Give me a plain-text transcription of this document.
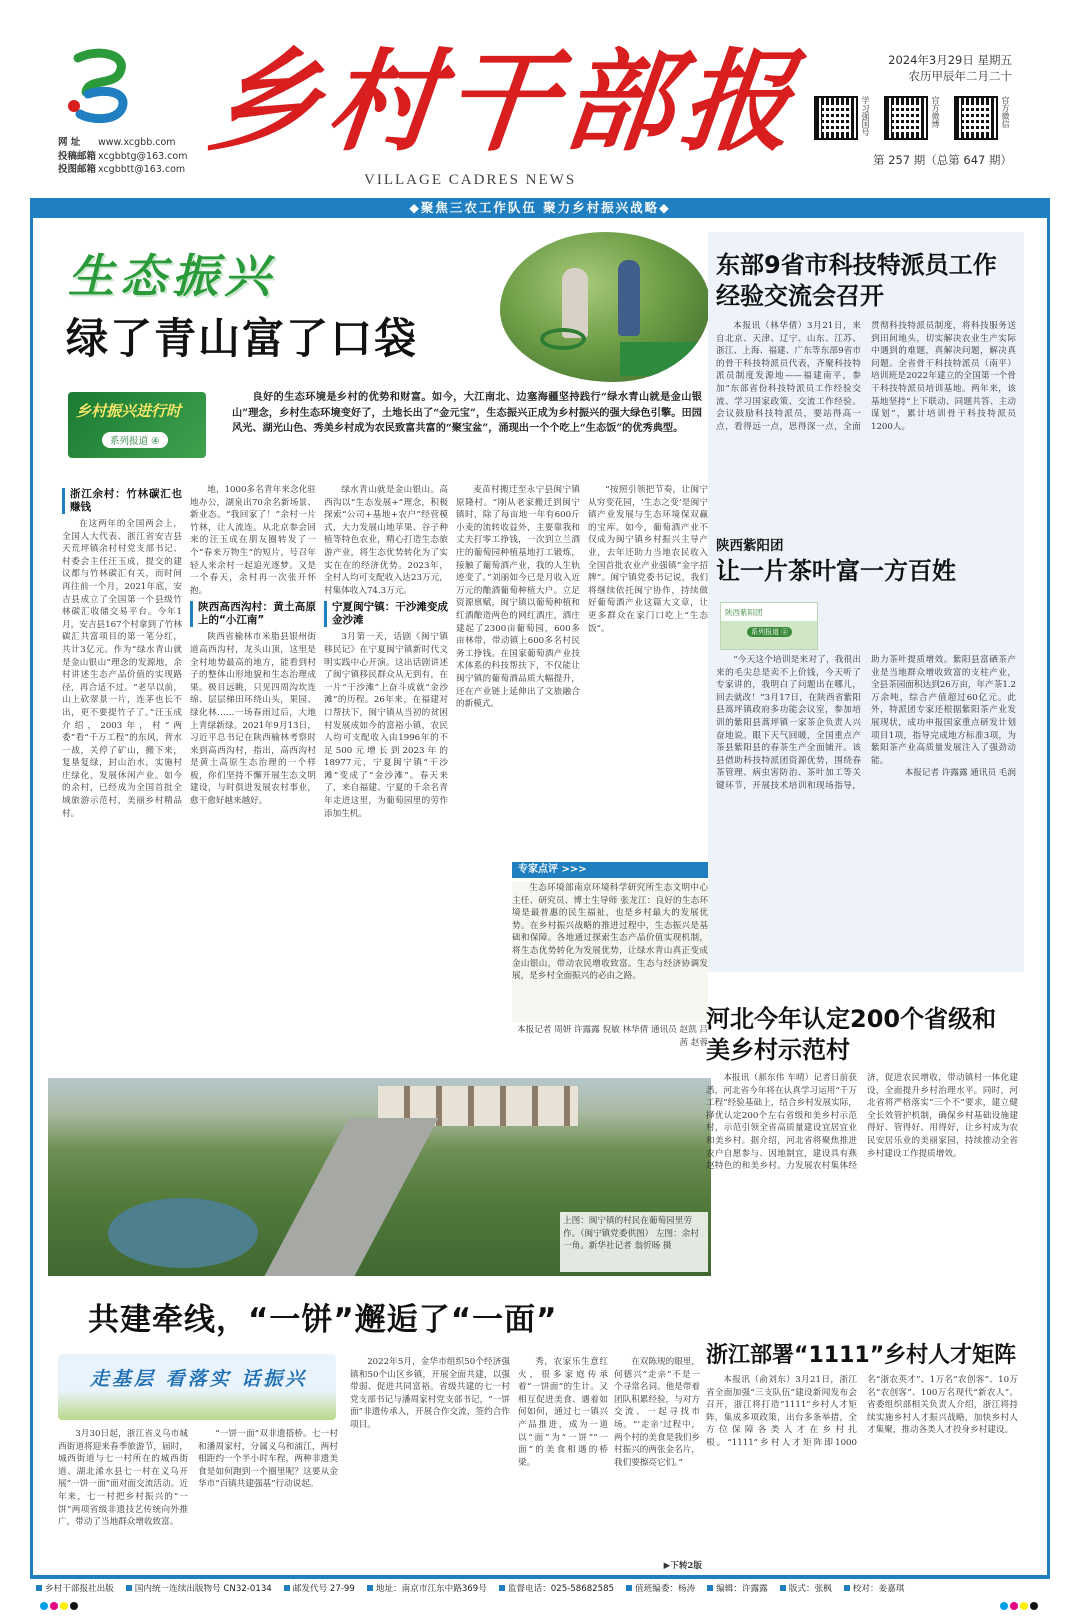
网 址 www.xcgbb.com
投稿邮箱 xcgbbtg@163.com
投图邮箱 xcgbbtt@163.com
乡村干部报
VILLAGE CADRES NEWS
2024年3月29日 星期五
农历甲辰年二月二十
学习强国号	官方微博	官方微信
第 257 期（总第 647 期）
◆聚焦三农工作队伍 聚力乡村振兴战略◆
生态振兴
绿了青山富了口袋
乡村振兴进行时
系列报道 ④

良好的生态环境是乡村的优势和财富。如今，大江南北、边塞海疆坚持践行“绿水青山就是金山银山”理念，乡村生态环境变好了，土地长出了“金元宝”，生态振兴正成为乡村振兴的强大绿色引擎。田园风光、湖光山色、秀美乡村成为农民致富共富的“聚宝盆”，涌现出一个个吃上“生态饭”的优秀典型。

浙江余村：竹林碳汇也赚钱

在这两年的全国两会上，全国人大代表、浙江省安吉县天荒坪镇余村村党支部书记、村委会主任汪玉成，提交的建议都与竹林碳汇有关，而时间再往前一个月，2021年底，安吉县成立了全国第一个县级竹林碳汇收储交易平台。今年1月，安吉县167个村拿到了竹林碳汇共富项目的第一笔分红，共计3亿元。作为“绿水青山就是金山银山”理念的发源地，余村讲述生态产品价值的实现路径，再合适不过。“老早以前，山上砍翠景一片，连茅也长不出，更不要提竹子了。”汪玉成介绍，2003年，村“两委”看“千万工程”的东风，背水一战，关停了矿山，搬下来，复垦复绿，封山治水，实施村庄绿化，发展休闲产业。如今的余村，已经成为全国首批全域旅游示范村，美丽乡村精品村。

地，1000多名青年来念化驻地办公，湖泉出70余名新场景、新业态。“我回家了！”余村一片竹林，让人流连。从北京参会回来的汪玉成在朋友圈转发了一个“春来万物生”的短片，号召年轻人来余村一起追光逐梦。又是一个春天，余村再一次张开怀抱。

陕西高西沟村：黄土高原上的“小江南”

陕西省榆林市米脂县银州街道高西沟村，龙头山顶，这里是全村地势最高的地方，能看到村子的整体山形地貌和生态治理成果。极目远眺，只见四周沟坎连绵、层层梯田环绕山头，果园、绿化林……一场春雨过后，大地上青绿新绿。2021年9月13日，习近平总书记在陕西榆林考察时来到高西沟村，指出，高西沟村是黄土高原生态治理的一个样板，你们坚持不懈开展生态文明建设，与时俱进发展农村事业，愈干愈好越来越好。

绿水青山就是金山银山。高西沟以“生态发展+”理念，积极探索“公司+基地+农户”经营模式，大力发展山地苹果、谷子种植等特色农业，精心打造生态旅游产业，将生态优势转化为了实实在在的经济优势。2023年，全村人均可支配收入达23万元，村集体收入74.3万元。

宁夏闽宁镇：干沙滩变成金沙滩

3月第一天，话剧《闽宁镇移民记》在宁夏闽宁镇新时代文明实践中心开演。这出话剧讲述了闽宁镇移民群众从无到有，在一片“干沙滩”上奋斗成就“金沙滩”的历程。26年来，在福建对口帮扶下，闽宁镇从当初的贫困村发展成如今的富裕小镇，农民人均可支配收入由1996年的不足500元增长到2023年的18977元，宁夏闽宁镇“干沙滩”变成了“金沙滩”。春天来了，来自福建、宁夏的千余名青年走进这里，为葡萄园里的劳作添加生机。

麦苗村搬迁至永宁县闽宁镇原隆村。“刚从老家搬迁到闽宁镇时，除了每亩地一年有600斤小麦的流转收益外，主要靠我和丈夫打零工挣钱，一次到立兰酒庄的葡萄园种植基地打工锻炼，接触了葡萄酒产业，我的人生轨迹变了。”刘丽如今已是月收入近万元的酿酒葡萄种植大户。立足资源禀赋，闽宁镇以葡萄种植和红酒酿造两色的网红酒庄，酒庄建起了2300亩葡萄园，600多亩林带，带动镇上600多名村民务工挣钱。在国家葡萄酒产业技术体系的科技帮扶下，不仅能让闽宁镇的葡萄酒品质大幅提升，还在产业链上延伸出了文旅融合的新模式。

“按照引领把节奏，让闽宁从穷变花园，‘生态之变’是闽宁镇产业发展与生态环境保双赢的宝库。如今，葡萄酒产业不仅成为闽宁镇乡村振兴主导产业，去年还助力当地农民收入全国首批农业产业强镇“金字招牌”。闽宁镇党委书记说，我们将继续依托闽宁协作，持续做好葡萄酒产业这篇大文章，让更多群众在家门口吃上“生态饭”。

专家点评 >>>

生态环境部南京环境科学研究所生态文明中心主任、研究员、博士生导师 张龙江：良好的生态环境是最普惠的民生福祉，也是乡村最大的发展优势。在乡村振兴战略的推进过程中，生态振兴是基础和保障。各地通过探索生态产品价值实现机制，将生态优势转化为发展优势，让绿水青山真正变成金山银山，带动农民增收致富。生态与经济协调发展，是乡村全面振兴的必由之路。

本报记者 周妍 许露露 倪敏 林华倩 通讯员 赵凯 吕茜 赵蓉
上图：闽宁镇的村民在葡萄园里劳作。（闽宁镇党委供图） 左图：余村一角。新华社记者 翁忻旸 摄
东部9省市科技特派员工作经验交流会召开

本报讯（林华倩）3月21日，来自北京、天津、辽宁、山东、江苏、浙江、上海、福建、广东等东部9省市的骨干科技特派员代表，齐聚科技特派员制度发源地——福建南平，参加“东部省份科技特派员工作经验交流、学习国家政策、交流工作经验。会议鼓励科技特派员，要站得高一点，看得远一点，思得深一点，全面贯彻科技特派员制度，将科技服务送到田间地头，切实解决农业生产实际中遇到的难题，真解决问题，解决真问题。全省骨干科技特派员（南平）培训班是2022年建立的全国第一个骨干科技特派员培训基地。两年来，该基地坚持“上下联动、同题共答、主动谋划”，累计培训骨干科技特派员1200人。

陕西紫阳团
让一片茶叶富一方百姓
陕西紫阳团
系列报道 ④

“今天这个培训是来对了，我很出来的毛尖总是卖不上价钱，今天听了专家讲的，我明白了问题出在哪儿，回去就改！”3月17日，在陕西省紫阳县蒿坪镇政府多功能会议室，参加培训的紫阳县蒿坪镇一家茶企负责人兴奋地说。眼下天气回暖，全国重点产茶县紫阳县的春茶生产全面铺开。该县借助科技特派团资源优势，围绕春茶管理、病虫害防治、茶叶加工等关键环节，开展技术培训和现场指导，助力茶叶提质增效。紫阳县富硒茶产业是当地群众增收致富的支柱产业，全县茶园面积达到26万亩，年产茶1.2万余吨，综合产值超过60亿元。此外，特派团专家还根据紫阳茶产业发展现状，成功申报国家重点研发计划项目1项，指导完成地方标准3项，为紫阳茶产业高质量发展注入了强劲动能。

本报记者 许露露 通讯员 毛润
河北今年认定200个省级和美乡村示范村

本报讯（郝东伟 车晴）记者日前获悉，河北省今年将在认真学习运用“千万工程”经验基础上，结合乡村发展实际，择优认定200个左右省级和美乡村示范村，示范引领全省高质量建设宜居宜业和美乡村。据介绍，河北省将聚焦推进农户自愿参与、因地制宜，建设具有燕赵特色的和美乡村。力发展农村集体经济，促进农民增收，带动镇村一体化建设，全面提升乡村治理水平。同时，河北省将严格落实“三个不”要求，建立健全长效管护机制，确保乡村基础设施建得好、管得好、用得好，让乡村成为农民安居乐业的美丽家园，持续推动全省乡村建设工作提质增效。

浙江部署“1111”乡村人才矩阵

本报讯（俞刘东）3月21日，浙江省全面加强“三支队伍”建设新闻发布会召开，浙江将打造“1111”乡村人才矩阵，集成多项政策，出台多条举措，全方位保障各类人才在乡村扎根。“1111”乡村人才矩阵即1000名“浙农英才”、1万名“农创客”、10万名“农创客”、100万名现代“新农人”。省委组织部相关负责人介绍，浙江将持续实施乡村人才振兴战略，加快乡村人才集聚，推动各类人才投身乡村建设。

共建牵线，“一饼”邂逅了“一面”
走基层 看落实 话振兴

3月30日起，浙江省义乌市城西街道将迎来春季旅游节，届时，城西街道与七一村所在的城西街道、湖北浠水县七一村在义乌开展“一饼一面”面对面交流活动。近年来，七一村把乡村振兴的“一饼”两项省级非遗技艺传统向外推广，带动了当地群众增收致富。

“一饼一面”双非遗搭桥。七一村和潘周家村，分属义乌和浦江，两村相距约一个半小时车程，两种非遗美食是如何跑到一个圈里呢？这要从金华市“百镇共建强基”行动说起。

2022年5月，金华市组织50个经济强镇和50个山区乡镇，开展全面共建，以强带弱、促进共同富裕。省级共建的七一村党支部书记与潘周家村党支部书记，“一饼面”非遗传承人，开展合作交流，签约合作项目。

秀，农家乐生意红火，很多家庭传承着“一饼面”的生计。又相互促进美食、遇着如何如何，通过七一镇兴产品推进，成为一道以“面”为“一饼”“一面”的美食相遇的桥梁。

在双陈规的眼里，何德兴“走亲”不是一个寻常名词。他是带着团队积累经验，与对方交流、一起寻找市场。“‘走亲’过程中，两个村的美食是我们乡村振兴的两张金名片，我们要擦亮它们。”

▶下转2版
乡村干部报社出版	国内统一连续出版物号 CN32-0134	邮发代号 27-99	地址：南京市江东中路369号	监督电话：025-58682585	值班编委：杨涛	编辑：许露露	版式：张枫	校对：姜嘉琪
